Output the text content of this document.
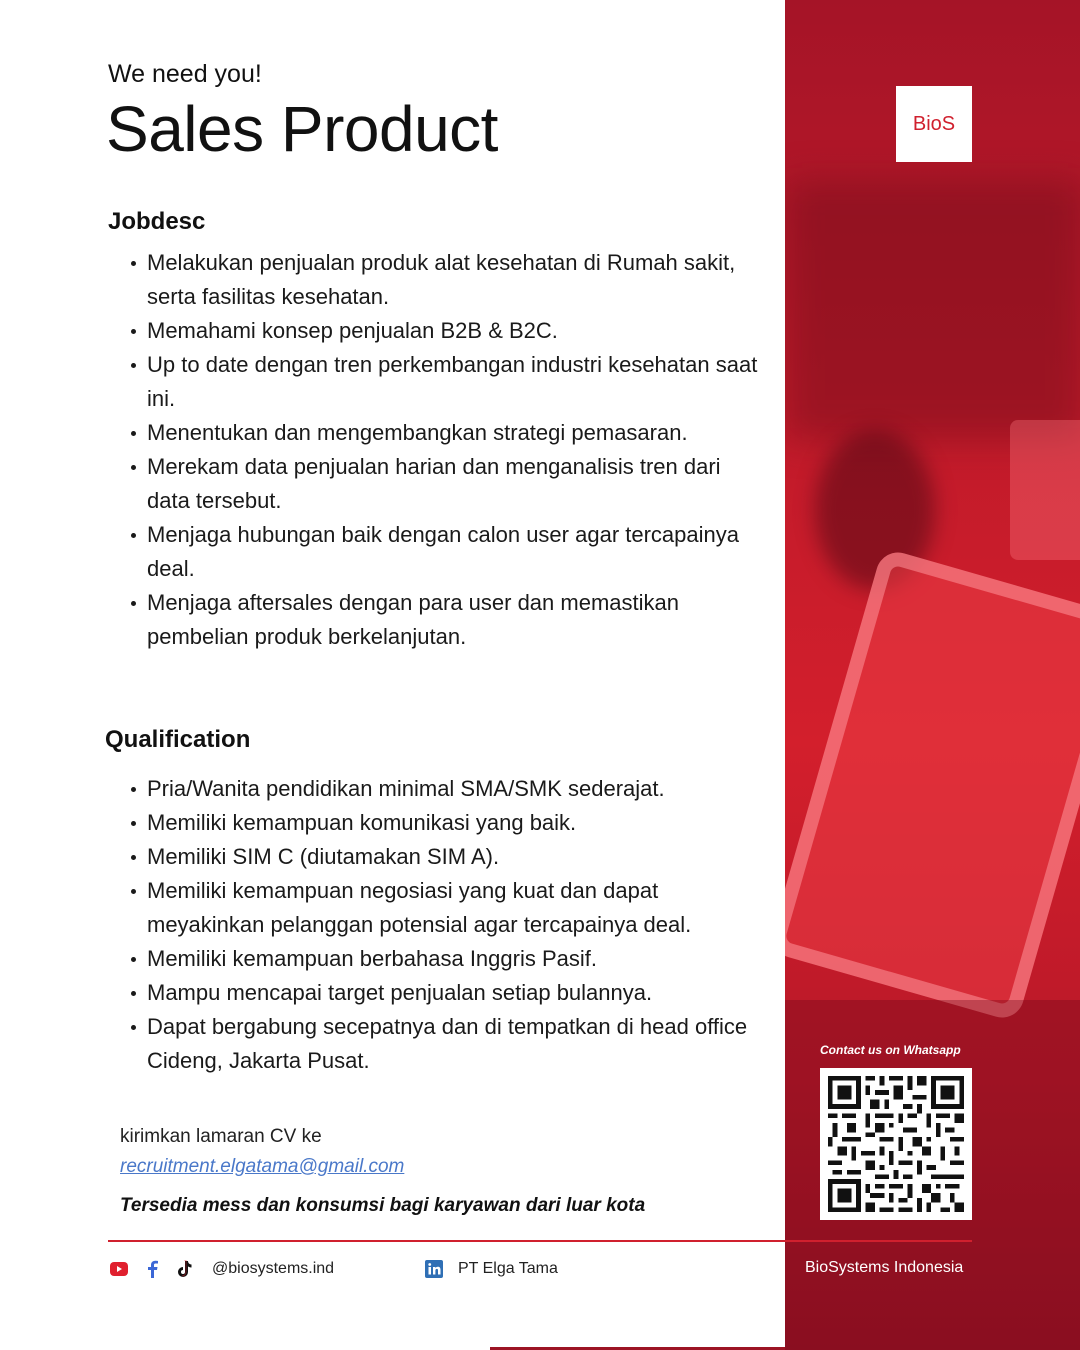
BioS
We need you!
Sales Product
Jobdesc
Melakukan penjualan produk alat kesehatan di Rumah sakit, serta fasilitas kesehatan.
Memahami konsep penjualan B2B & B2C.
Up to date dengan tren perkembangan industri kesehatan saat ini.
Menentukan dan mengembangkan strategi pemasaran.
Merekam data penjualan harian dan menganalisis tren dari data tersebut.
Menjaga hubungan baik dengan calon user agar tercapainya deal.
Menjaga aftersales dengan para user dan memastikan pembelian produk berkelanjutan.
Qualification
Pria/Wanita pendidikan minimal SMA/SMK sederajat.
Memiliki kemampuan komunikasi yang baik.
Memiliki SIM C (diutamakan SIM A).
Memiliki kemampuan negosiasi yang kuat dan dapat meyakinkan pelanggan potensial agar tercapainya deal.
Memiliki kemampuan berbahasa Inggris Pasif.
Mampu mencapai target penjualan setiap bulannya.
Dapat bergabung secepatnya dan di tempatkan di head office Cideng, Jakarta Pusat.
kirimkan lamaran CV ke
recruitment.elgatama@gmail.com
Tersedia mess dan konsumsi bagi karyawan dari luar kota
Contact us on Whatsapp
@biosystems.ind	PT Elga Tama	BioSystems Indonesia
